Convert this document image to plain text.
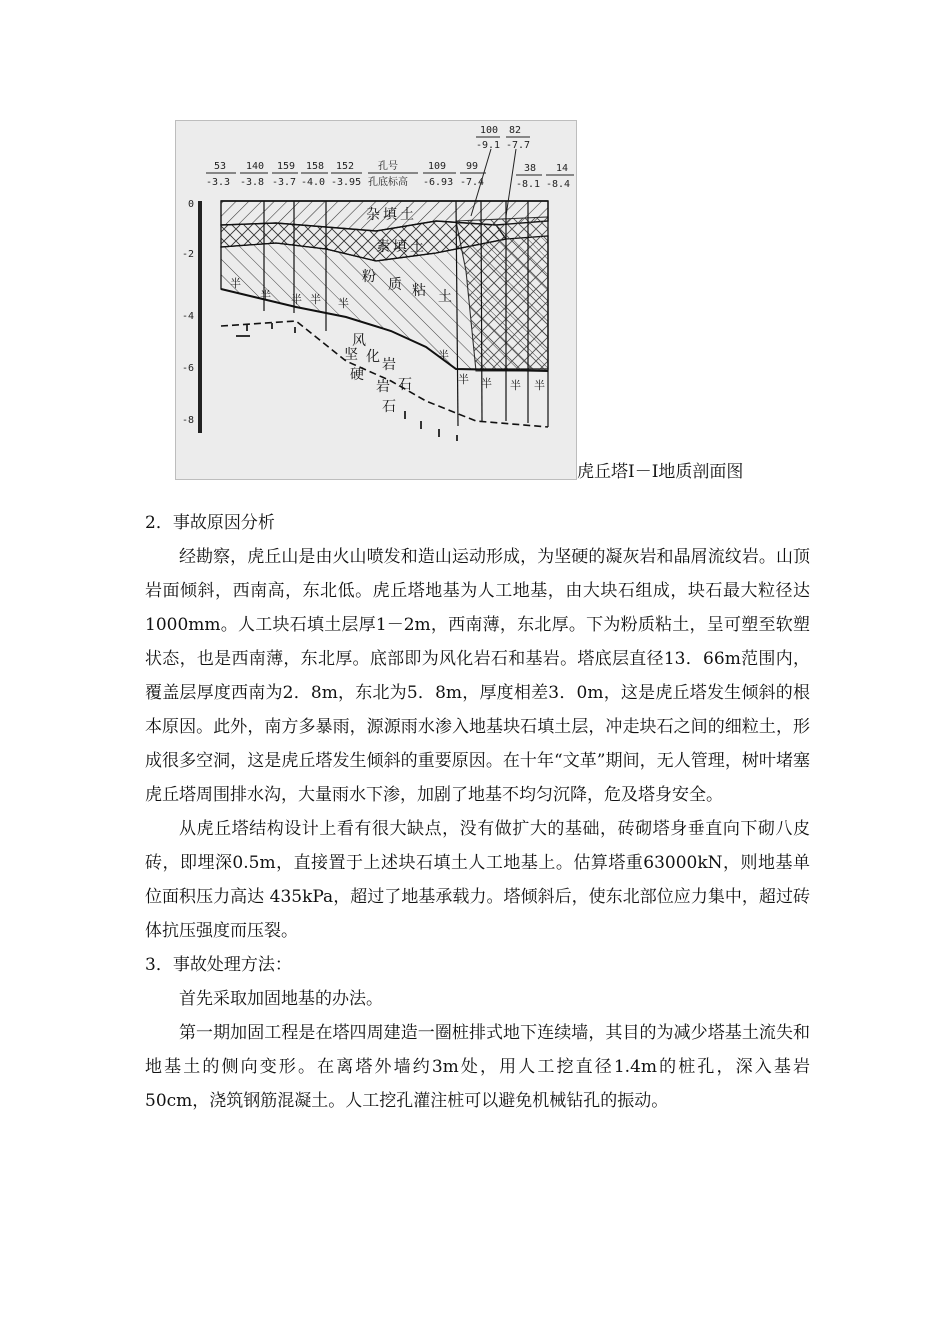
100
-9.1
82
-7.7
53
-3.3
140
-3.8
159
-3.7
158
-4.0
152
-3.95
孔号
孔底标高
109
-6.93
99
-7.4
38
-8.1
14
-8.4
0
-2
-4
-6
-8
杂填土
素填土
粉 质 粘 土
风
化 岩
石
坚
硬
岩
石
半
半 半 半 半
半
半 半 半 半
虎丘塔Ⅰ－Ⅰ地质剖面图

2．事故原因分析

经勘察，虎丘山是由火山喷发和造山运动形成，为坚硬的凝灰岩和晶屑流纹岩。山顶岩面倾斜，西南高，东北低。虎丘塔地基为人工地基，由大块石组成，块石最大粒径达1000mm。人工块石填土层厚1－2m，西南薄，东北厚。下为粉质粘土，呈可塑至软塑状态，也是西南薄，东北厚。底部即为风化岩石和基岩。塔底层直径13．66m范围内，覆盖层厚度西南为2．8m，东北为5．8m，厚度相差3．0m，这是虎丘塔发生倾斜的根本原因。此外，南方多暴雨，源源雨水渗入地基块石填土层，冲走块石之间的细粒土，形成很多空洞，这是虎丘塔发生倾斜的重要原因。在十年“文革”期间，无人管理，树叶堵塞虎丘塔周围排水沟，大量雨水下渗，加剧了地基不均匀沉降，危及塔身安全。

从虎丘塔结构设计上看有很大缺点，没有做扩大的基础，砖砌塔身垂直向下砌八皮砖，即埋深0.5m，直接置于上述块石填土人工地基上。估算塔重63000kN，则地基单位面积压力高达 435kPa，超过了地基承载力。塔倾斜后，使东北部位应力集中，超过砖体抗压强度而压裂。

3．事故处理方法：

首先采取加固地基的办法。

第一期加固工程是在塔四周建造一圈桩排式地下连续墙，其目的为减少塔基土流失和地基土的侧向变形。在离塔外墙约3m处，用人工挖直径1.4m的桩孔，深入基岩 50cm，浇筑钢筋混凝土。人工挖孔灌注桩可以避免机械钻孔的振动。
